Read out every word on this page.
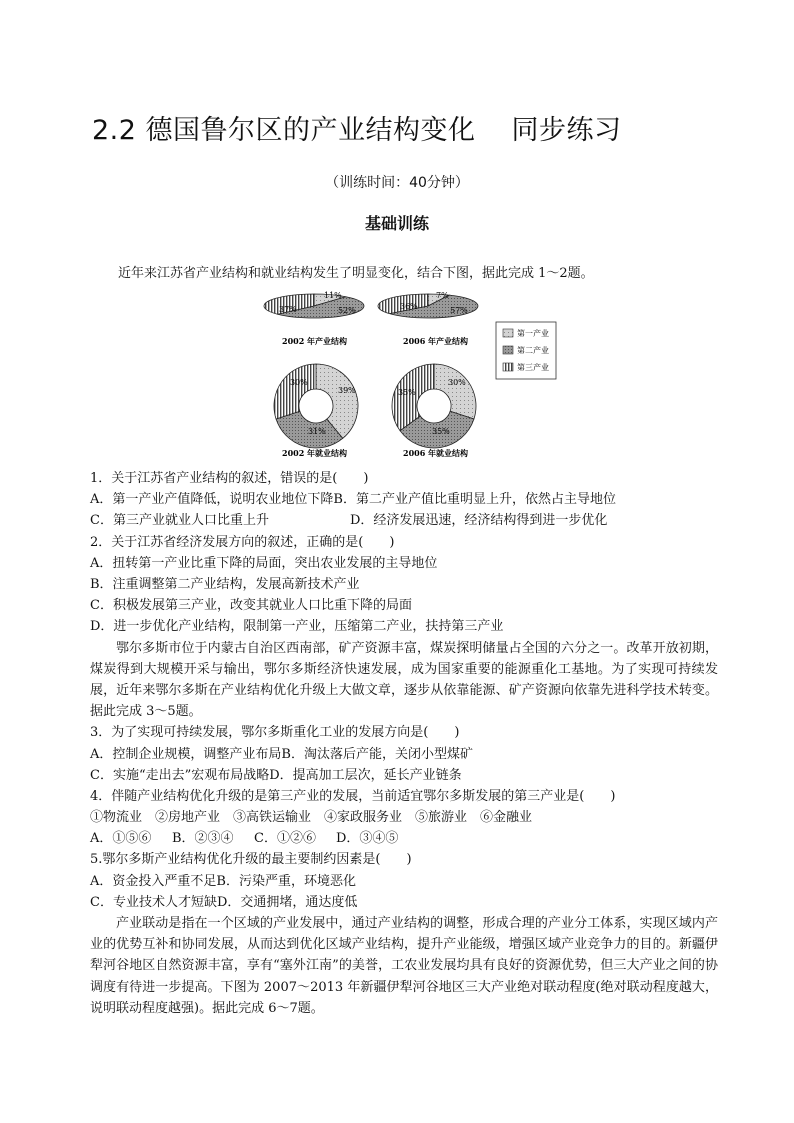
2.2 德国鲁尔区的产业结构变化 同步练习
（训练时间：40分钟）
基础训练
近年来江苏省产业结构和就业结构发生了明显变化，结合下图，据此完成 1～2题。
11%
52%
37%
7%
57%
36%
39%
31%
30%	30%
35%
35%
2002 年产业结构	2006 年产业结构
2002 年就业结构	2006 年就业结构
第一产业
第二产业
第三产业
1．关于江苏省产业结构的叙述，错误的是(　　)
A．第一产业产值降低，说明农业地位下降B．第二产业产值比重明显上升，依然占主导地位
C．第三产业就业人口比重上升	D．经济发展迅速，经济结构得到进一步优化
2．关于江苏省经济发展方向的叙述，正确的是(　　)
A．扭转第一产业比重下降的局面，突出农业发展的主导地位
B．注重调整第二产业结构，发展高新技术产业
C．积极发展第三产业，改变其就业人口比重下降的局面
D．进一步优化产业结构，限制第一产业，压缩第二产业，扶持第三产业
鄂尔多斯市位于内蒙古自治区西南部，矿产资源丰富，煤炭探明储量占全国的六分之一。改革开放初期，煤炭得到大规模开采与输出，鄂尔多斯经济快速发展，成为国家重要的能源重化工基地。为了实现可持续发展，近年来鄂尔多斯在产业结构优化升级上大做文章，逐步从依靠能源、矿产资源向依靠先进科学技术转变。据此完成 3～5题。
3．为了实现可持续发展，鄂尔多斯重化工业的发展方向是(　　)
A．控制企业规模，调整产业布局B．淘汰落后产能，关闭小型煤矿
C．实施“走出去”宏观布局战略D．提高加工层次，延长产业链条
4．伴随产业结构优化升级的是第三产业的发展，当前适宜鄂尔多斯发展的第三产业是(　　)
①物流业　②房地产业　③高铁运输业　④家政服务业　⑤旅游业　⑥金融业
A．①⑤⑥ B．②③④ C．①②⑥ D．③④⑤
5.鄂尔多斯产业结构优化升级的最主要制约因素是(　　)
A．资金投入严重不足B．污染严重，环境恶化
C．专业技术人才短缺D．交通拥堵，通达度低
产业联动是指在一个区域的产业发展中，通过产业结构的调整，形成合理的产业分工体系，实现区域内产业的优势互补和协同发展，从而达到优化区域产业结构，提升产业能级，增强区域产业竞争力的目的。新疆伊犁河谷地区自然资源丰富，享有“塞外江南”的美誉，工农业发展均具有良好的资源优势，但三大产业之间的协调度有待进一步提高。下图为 2007～2013 年新疆伊犁河谷地区三大产业绝对联动程度(绝对联动程度越大，说明联动程度越强)。据此完成 6～7题。
